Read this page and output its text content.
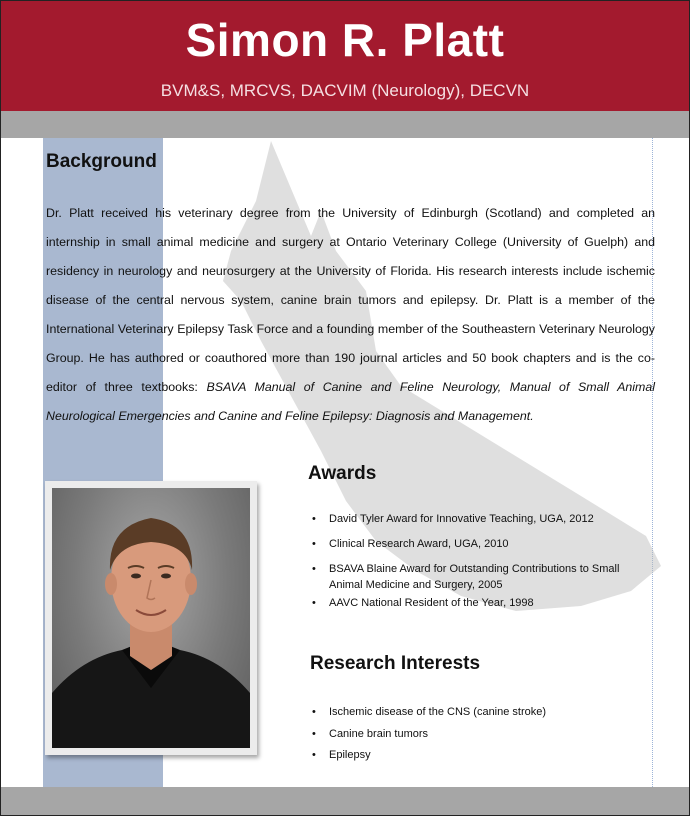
Simon R. Platt
BVM&S, MRCVS, DACVIM (Neurology), DECVN
Background
Dr. Platt received his veterinary degree from the University of Edinburgh (Scotland) and completed an internship in small animal medicine and surgery at Ontario Veterinary College (University of Guelph) and residency in neurology and neurosurgery at the University of Florida. His research interests include ischemic disease of the central nervous system, canine brain tumors and epilepsy. Dr. Platt is a member of the International Veterinary Epilepsy Task Force and a founding member of the Southeastern Veterinary Neurology Group. He has authored or coauthored more than 190 journal articles and 50 book chapters and is the co-editor of three textbooks: BSAVA Manual of Canine and Feline Neurology, Manual of Small Animal Neurological Emergencies and Canine and Feline Epilepsy: Diagnosis and Management.
Awards
• David Tyler Award for Innovative Teaching, UGA, 2012
• Clinical Research Award, UGA, 2010
• BSAVA Blaine Award for Outstanding Contributions to Small Animal Medicine and Surgery, 2005
• AAVC National Resident of the Year, 1998
Research Interests
• Ischemic disease of the CNS (canine stroke)
• Canine brain tumors
• Epilepsy
